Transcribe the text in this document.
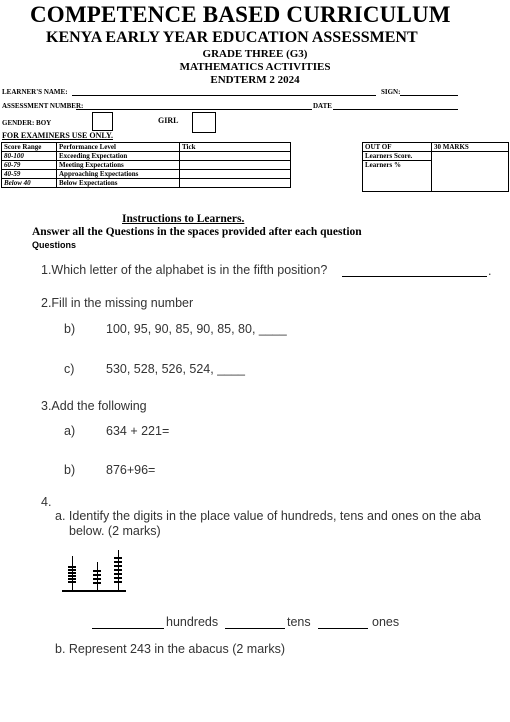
COMPETENCE BASED CURRICULUM
KENYA EARLY YEAR EDUCATION ASSESSMENT
GRADE THREE (G3)
MATHEMATICS ACTIVITIES
ENDTERM 2 2024
LEARNER'S NAME:	SIGN:
ASSESSMENT NUMBER:	DATE
GENDER: BOY	GIRL
FOR EXAMINERS USE ONLY.
Score Range	Performance Level	Tick
80-100	Exceeding Expectation	
60-79	Meeting Expectations	
40-59	Approaching Expectations	
Below 40	Below Expectations	
OUT OF	30 MARKS
Learners Score.	
Learners %	
Instructions to Learners.
Answer all the Questions in the spaces provided after each question
Questions
1.Which letter of the alphabet is in the fifth position?	.
2.Fill in the missing number
b) 100, 95, 90, 85, 90, 85, 80, ____
c)	530, 528, 526, 524, ____
3.Add the following
a) 634 + 221=
b) 876+96=
4.
a. Identify the digits in the place value of hundreds, tens and ones on the aba
below. (2 marks)
hundreds	tens	ones
b. Represent 243 in the abacus (2 marks)
